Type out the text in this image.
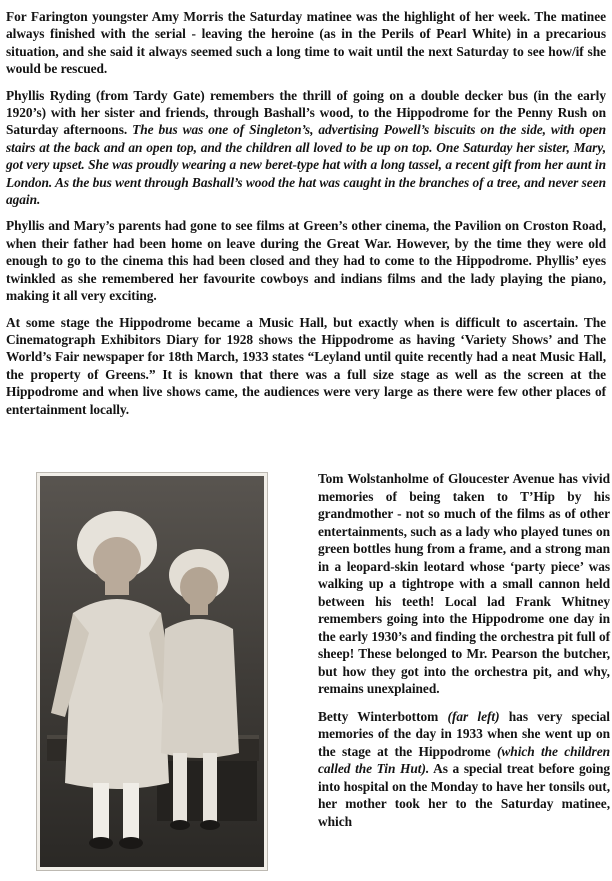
For Farington youngster Amy Morris the Saturday matinee was the highlight of her week. The matinee always finished with the serial - leaving the heroine (as in the Perils of Pearl White) in a precarious situation, and she said it always seemed such a long time to wait until the next Saturday to see how/if she would be rescued.

Phyllis Ryding (from Tardy Gate) remembers the thrill of going on a double decker bus (in the early 1920’s) with her sister and friends, through Bashall’s wood, to the Hippodrome for the Penny Rush on Saturday afternoons. The bus was one of Singleton’s, advertising Powell’s biscuits on the side, with open stairs at the back and an open top, and the children all loved to be up on top. One Saturday her sister, Mary, got very upset. She was proudly wearing a new beret-type hat with a long tassel, a recent gift from her aunt in London. As the bus went through Bashall’s wood the hat was caught in the branches of a tree, and never seen again.

Phyllis and Mary’s parents had gone to see films at Green’s other cinema, the Pavilion on Croston Road, when their father had been home on leave during the Great War. However, by the time they were old enough to go to the cinema this had been closed and they had to come to the Hippodrome. Phyllis’ eyes twinkled as she remembered her favourite cowboys and indians films and the lady playing the piano, making it all very exciting.

At some stage the Hippodrome became a Music Hall, but exactly when is difficult to ascertain. The Cinematograph Exhibitors Diary for 1928 shows the Hippodrome as having ‘Variety Shows’ and The World’s Fair newspaper for 18th March, 1933 states “Leyland until quite recently had a neat Music Hall, the property of Greens.” It is known that there was a full size stage as well as the screen at the Hippodrome and when live shows came, the audiences were very large as there were few other places of entertainment locally.

Tom Wolstanholme of Gloucester Avenue has vivid memories of being taken to T’Hip by his grandmother - not so much of the films as of other entertainments, such as a lady who played tunes on green bottles hung from a frame, and a strong man in a leopard-skin leotard whose ‘party piece’ was walking up a tightrope with a small cannon held between his teeth! Local lad Frank Whitney remembers going into the Hippodrome one day in the early 1930’s and finding the orchestra pit full of sheep! These belonged to Mr. Pearson the butcher, but how they got into the orchestra pit, and why, remains unexplained.

Betty Winterbottom (far left) has very special memories of the day in 1933 when she went up on the stage at the Hippodrome (which the children called the Tin Hut). As a special treat before going into hospital on the Monday to have her tonsils out, her mother took her to the Saturday matinee, which
